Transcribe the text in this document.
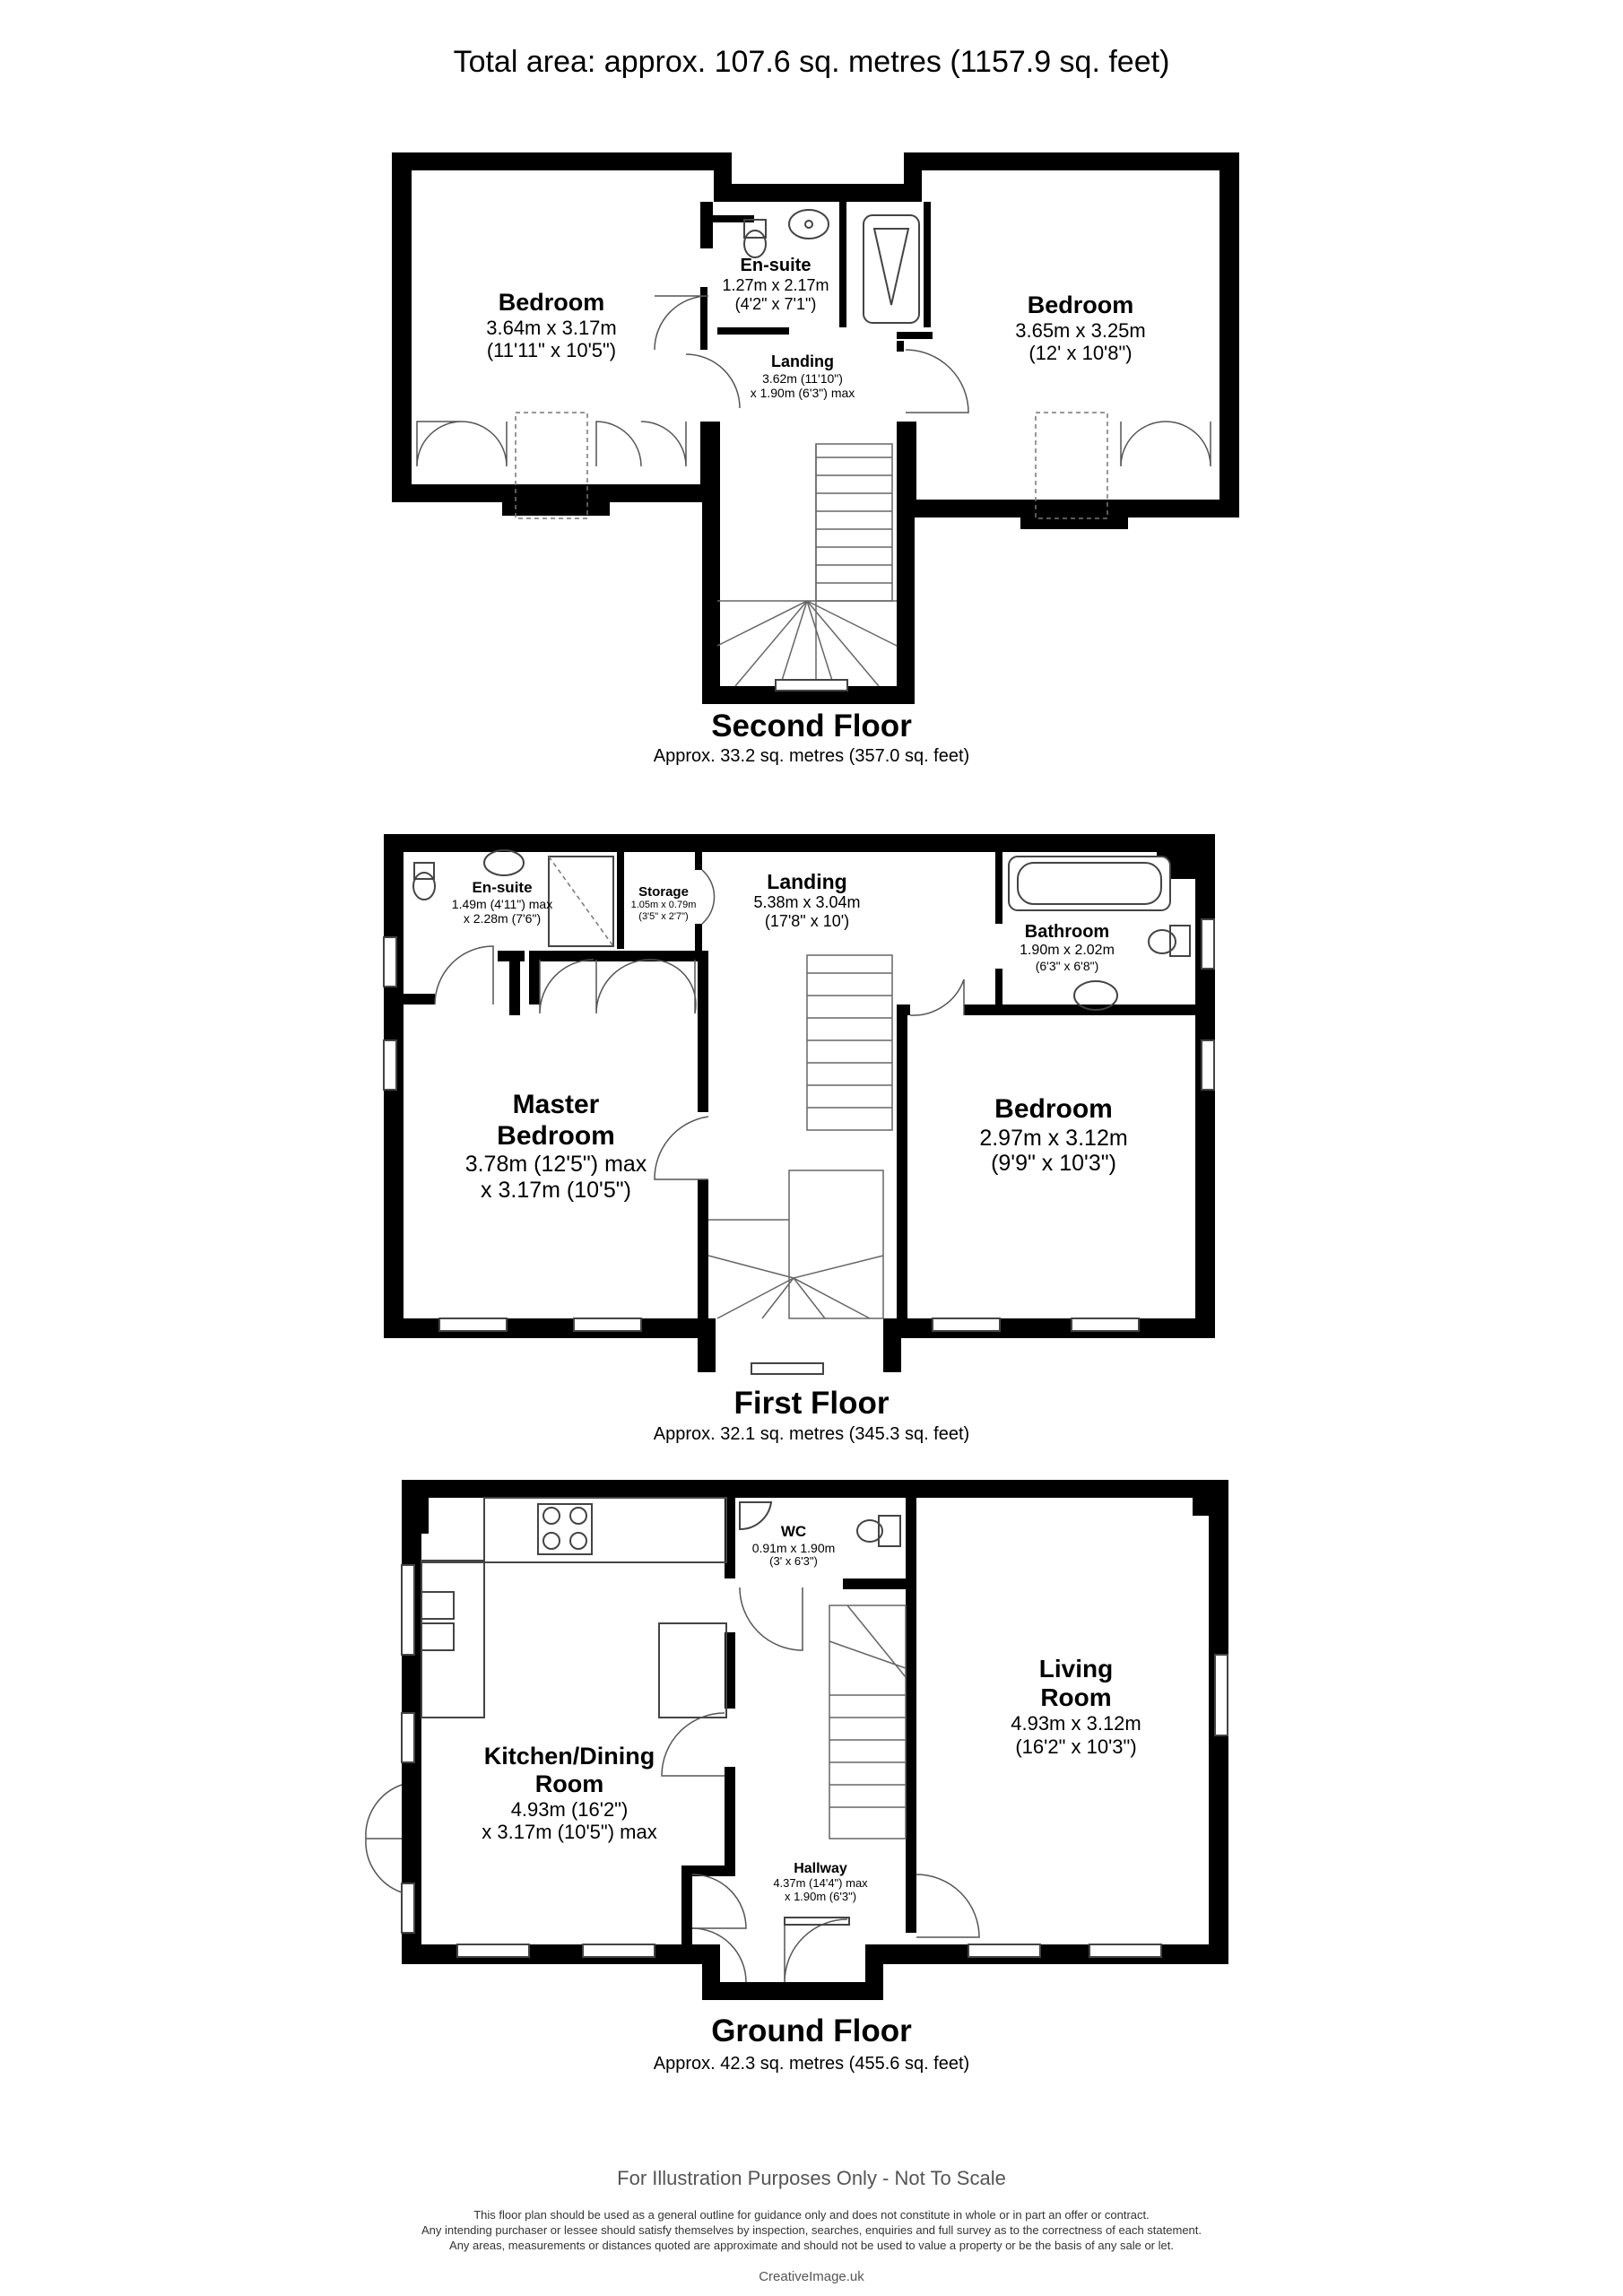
Total area: approx. 107.6 sq. metres (1157.9 sq. feet)
Bedroom
3.64m x 3.17m
(11'11" x 10'5")
En-suite
1.27m x 2.17m
(4'2" x 7'1")	Bedroom
3.65m x 3.25m
(12' x 10'8")
Landing
3.62m (11'10")
x 1.90m (6'3") max
Second Floor
Approx. 33.2 sq. metres (357.0 sq. feet)
En-suite
1.49m (4'11") max
x 2.28m (7'6")
Storage
1.05m x 0.79m
(3'5" x 2'7")
Landing
5.38m x 3.04m
(17'8" x 10')
Bathroom
1.90m x 2.02m
(6'3" x 6'8")
Master
Bedroom
3.78m (12'5") max
x 3.17m (10'5")
Bedroom
2.97m x 3.12m
(9'9" x 10'3")
First Floor
Approx. 32.1 sq. metres (345.3 sq. feet)
WC
0.91m x 1.90m
(3' x 6'3")
Living
Room
4.93m x 3.12m
(16'2" x 10'3")
Kitchen/Dining
Room
4.93m (16'2")
x 3.17m (10'5") max
Hallway
4.37m (14'4") max
x 1.90m (6'3")
Ground Floor
Approx. 42.3 sq. metres (455.6 sq. feet)
For Illustration Purposes Only - Not To Scale
This floor plan should be used as a general outline for guidance only and does not constitute in whole or in part an offer or contract.
Any intending purchaser or lessee should satisfy themselves by inspection, searches, enquiries and full survey as to the correctness of each statement.
Any areas, measurements or distances quoted are approximate and should not be used to value a property or be the basis of any sale or let.
CreativeImage.uk
